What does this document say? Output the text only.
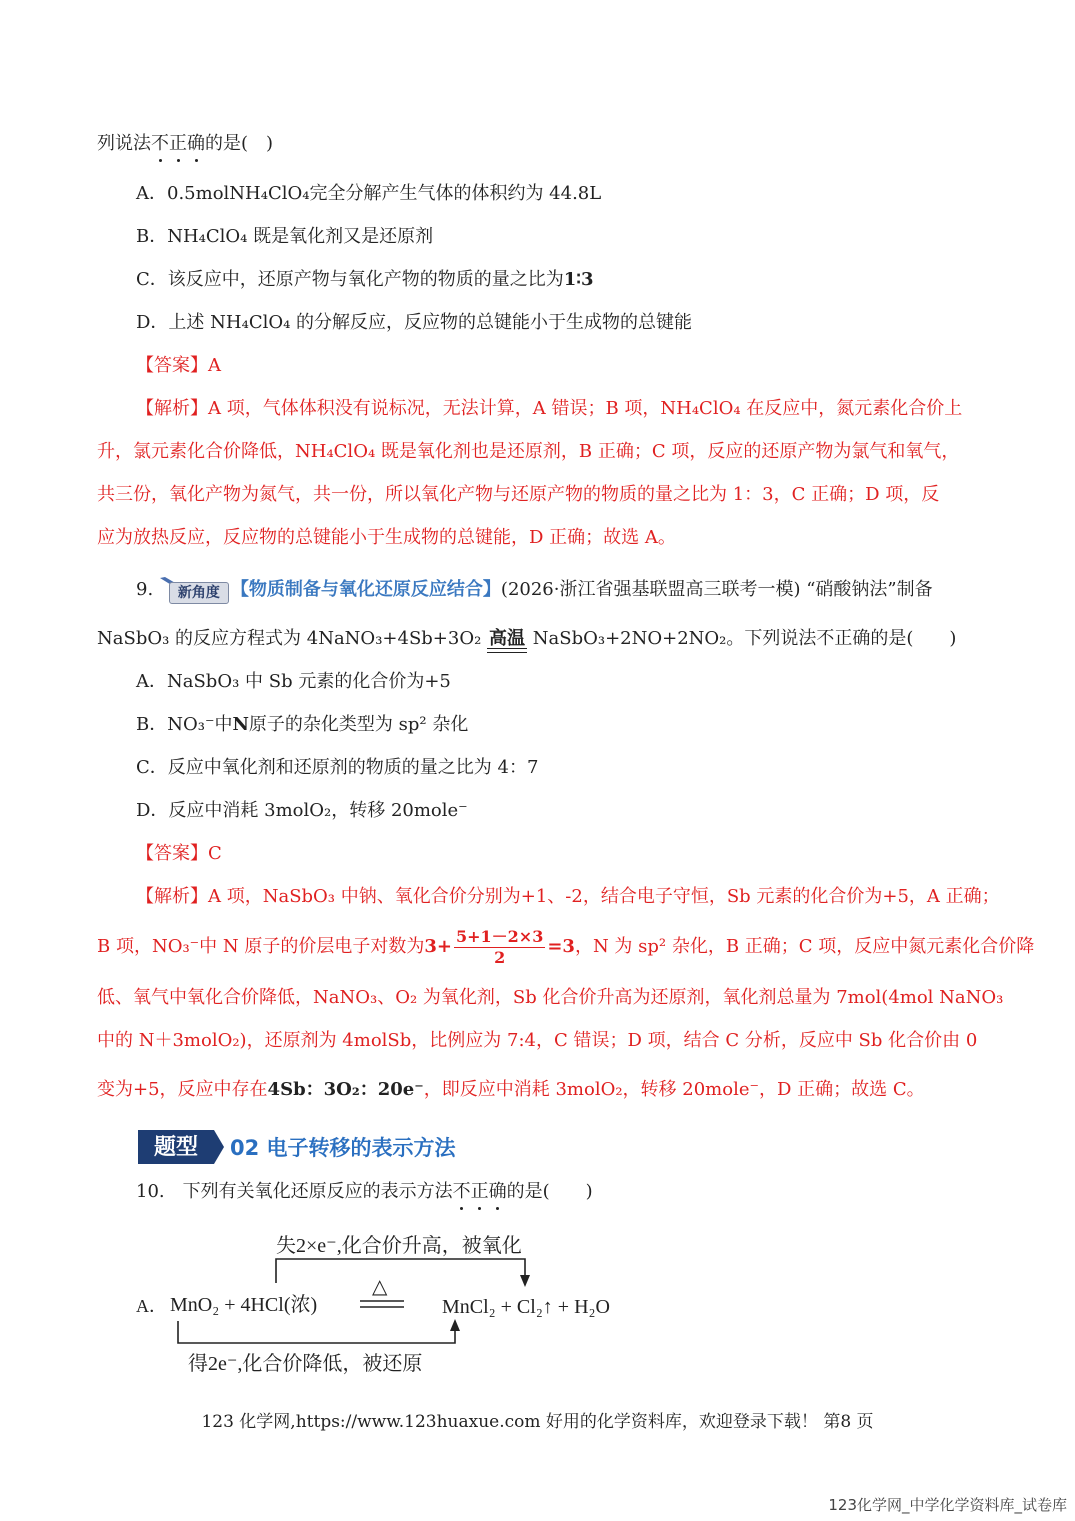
列说法不正确的是(　)
A．0.5molNH₄ClO₄完全分解产生气体的体积约为 44.8L
B．NH₄ClO₄ 既是氧化剂又是还原剂
C．该反应中，还原产物与氧化产物的物质的量之比为1∶3
D．上述 NH₄ClO₄ 的分解反应，反应物的总键能小于生成物的总键能
【答案】A
【解析】A 项，气体体积没有说标况，无法计算，A 错误；B 项，NH₄ClO₄ 在反应中，氮元素化合价上
升，氯元素化合价降低，NH₄ClO₄ 既是氧化剂也是还原剂，B 正确；C 项，反应的还原产物为氯气和氧气，
共三份，氧化产物为氮气，共一份，所以氧化产物与还原产物的物质的量之比为 1：3，C 正确；D 项，反
应为放热反应，反应物的总键能小于生成物的总键能，D 正确；故选 A。
9.	新角度 【物质制备与氧化还原反应结合】(2026·浙江省强基联盟高三联考一模) “硝酸钠法”制备
NaSbO₃ 的反应方程式为 4NaNO₃+4Sb+3O₂ 高温 NaSbO₃+2NO+2NO₂。下列说法不正确的是(　　)
A．NaSbO₃ 中 Sb 元素的化合价为+5
B．NO₃⁻中N原子的杂化类型为 sp² 杂化
C．反应中氧化剂和还原剂的物质的量之比为 4：7
D．反应中消耗 3molO₂，转移 20mole⁻
【答案】C
【解析】A 项，NaSbO₃ 中钠、氧化合价分别为+1、-2，结合电子守恒，Sb 元素的化合价为+5，A 正确；
B 项，NO₃⁻中 N 原子的价层电子对数为$3+ \frac{5+1-2\times 3}{2} =3$，N 为 sp² 杂化，B 正确；C 项，反应中氮元素化合价降
低、氧气中氧化合价降低，NaNO₃、O₂ 为氧化剂，Sb 化合价升高为还原剂，氧化剂总量为 7mol(4mol NaNO₃
中的 N＋3molO₂)，还原剂为 4molSb，比例应为 7:4，C 错误；D 项，结合 C 分析，反应中 Sb 化合价由 0
变为+5，反应中存在4Sb：3O₂：20e⁻，即反应中消耗 3molO₂，转移 20mole⁻，D 正确；故选 C。
题型	02 电子转移的表示方法
10.　下列有关氧化还原反应的表示方法不正确的是(　　)
A．
失2×e⁻,化合价升高，被氧化
MnO₂ + 4HCl(浓)
△
MnCl₂ + Cl₂↑ + H₂O
得2e⁻,化合价降低，被还原
123 化学网,https://www.123huaxue.com 好用的化学资料库，欢迎登录下载！ 第8 页
123化学网_中学化学资料库_试卷库
